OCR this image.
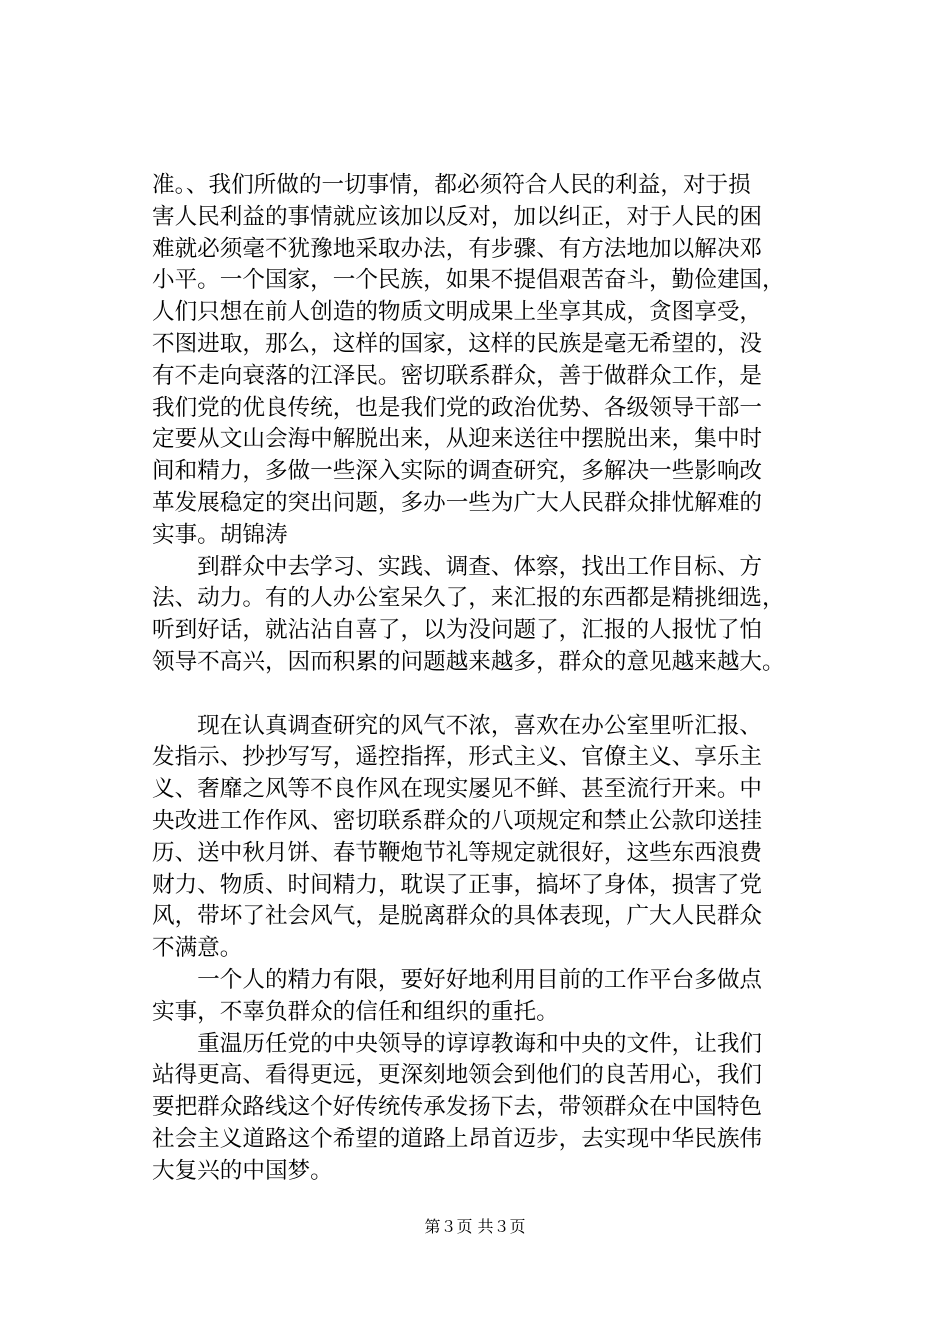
准。、我们所做的一切事情，都必须符合人民的利益，对于损
害人民利益的事情就应该加以反对，加以纠正，对于人民的困
难就必须毫不犹豫地采取办法，有步骤、有方法地加以解决邓
小平。一个国家，一个民族，如果不提倡艰苦奋斗，勤俭建国，
人们只想在前人创造的物质文明成果上坐享其成，贪图享受，
不图进取，那么，这样的国家，这样的民族是毫无希望的，没
有不走向衰落的江泽民。密切联系群众，善于做群众工作，是
我们党的优良传统，也是我们党的政治优势、各级领导干部一
定要从文山会海中解脱出来，从迎来送往中摆脱出来，集中时
间和精力，多做一些深入实际的调查研究，多解决一些影响改
革发展稳定的突出问题，多办一些为广大人民群众排忧解难的
实事。胡锦涛
　　到群众中去学习、实践、调查、体察，找出工作目标、方
法、动力。有的人办公室呆久了，来汇报的东西都是精挑细选，
听到好话，就沾沾自喜了，以为没问题了，汇报的人报忧了怕
领导不高兴，因而积累的问题越来越多，群众的意见越来越大。
　　现在认真调查研究的风气不浓，喜欢在办公室里听汇报、
发指示、抄抄写写，遥控指挥，形式主义、官僚主义、享乐主
义、奢靡之风等不良作风在现实屡见不鲜、甚至流行开来。中
央改进工作作风、密切联系群众的八项规定和禁止公款印送挂
历、送中秋月饼、春节鞭炮节礼等规定就很好，这些东西浪费
财力、物质、时间精力，耽误了正事，搞坏了身体，损害了党
风，带坏了社会风气，是脱离群众的具体表现，广大人民群众
不满意。
　　一个人的精力有限，要好好地利用目前的工作平台多做点
实事，不辜负群众的信任和组织的重托。
　　重温历任党的中央领导的谆谆教诲和中央的文件，让我们
站得更高、看得更远，更深刻地领会到他们的良苦用心，我们
要把群众路线这个好传统传承发扬下去，带领群众在中国特色
社会主义道路这个希望的道路上昂首迈步，去实现中华民族伟
大复兴的中国梦。
第３页 共３页
